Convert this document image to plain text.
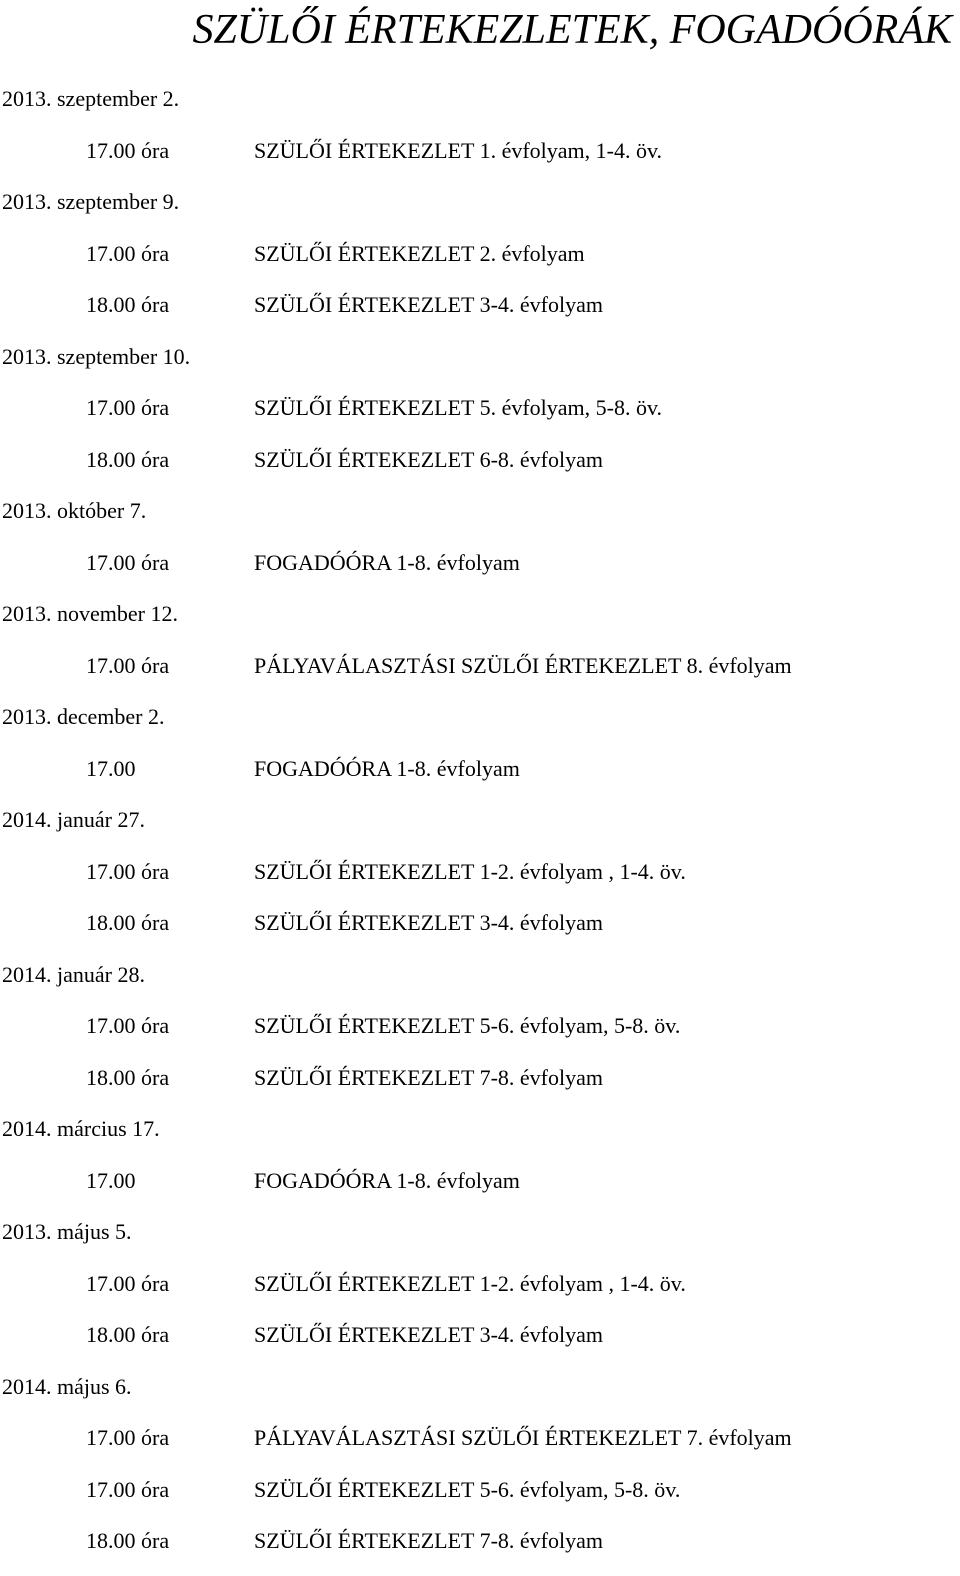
SZÜLŐI ÉRTEKEZLETEK, FOGADÓÓRÁK
2013. szeptember 2.
17.00 óra	SZÜLŐI ÉRTEKEZLET 1. évfolyam, 1-4. öv.
2013. szeptember 9.
17.00 óra	SZÜLŐI ÉRTEKEZLET 2. évfolyam
18.00 óra	SZÜLŐI ÉRTEKEZLET 3-4. évfolyam
2013. szeptember 10.
17.00 óra	SZÜLŐI ÉRTEKEZLET 5. évfolyam, 5-8. öv.
18.00 óra	SZÜLŐI ÉRTEKEZLET 6-8. évfolyam
2013. október 7.
17.00 óra	FOGADÓÓRA 1-8. évfolyam
2013. november 12.
17.00 óra	PÁLYAVÁLASZTÁSI SZÜLŐI ÉRTEKEZLET 8. évfolyam
2013. december 2.
17.00	FOGADÓÓRA 1-8. évfolyam
2014. január 27.
17.00 óra	SZÜLŐI ÉRTEKEZLET 1-2. évfolyam , 1-4. öv.
18.00 óra	SZÜLŐI ÉRTEKEZLET 3-4. évfolyam
2014. január 28.
17.00 óra	SZÜLŐI ÉRTEKEZLET 5-6. évfolyam, 5-8. öv.
18.00 óra	SZÜLŐI ÉRTEKEZLET 7-8. évfolyam
2014. március 17.
17.00	FOGADÓÓRA 1-8. évfolyam
2013. május 5.
17.00 óra	SZÜLŐI ÉRTEKEZLET 1-2. évfolyam , 1-4. öv.
18.00 óra	SZÜLŐI ÉRTEKEZLET 3-4. évfolyam
2014. május 6.
17.00 óra	PÁLYAVÁLASZTÁSI SZÜLŐI ÉRTEKEZLET 7. évfolyam
17.00 óra	SZÜLŐI ÉRTEKEZLET 5-6. évfolyam, 5-8. öv.
18.00 óra	SZÜLŐI ÉRTEKEZLET 7-8. évfolyam
